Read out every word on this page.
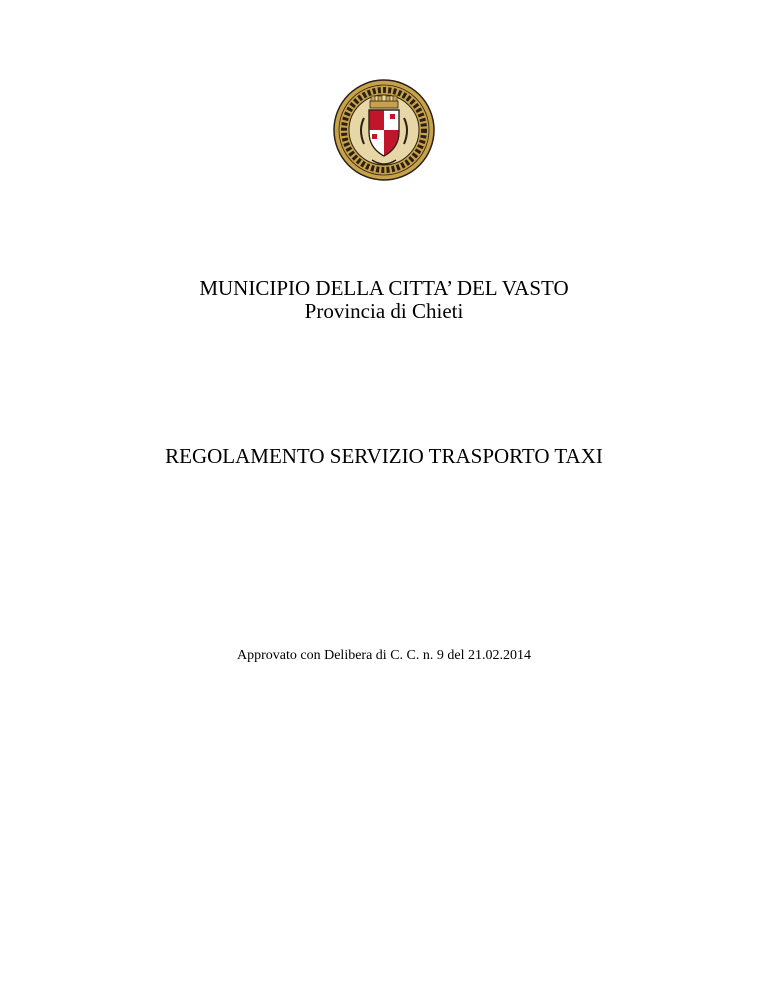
MUNICIPIO DELLA CITTA’ DEL VASTO
Provincia di Chieti
REGOLAMENTO SERVIZIO TRASPORTO TAXI
Approvato con Delibera di C. C. n. 9 del 21.02.2014
